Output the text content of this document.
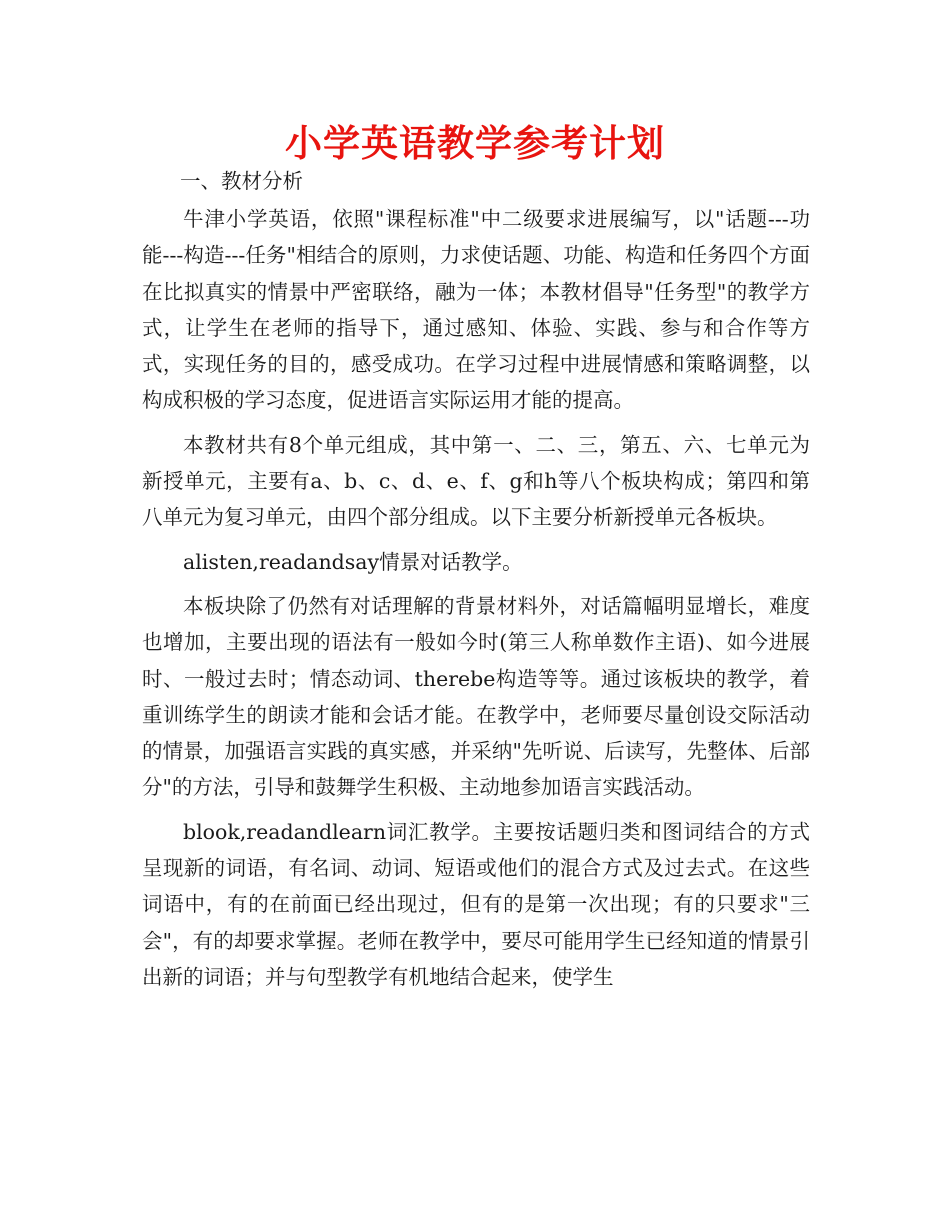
小学英语教学参考计划
一、教材分析

牛津小学英语，依照"课程标准"中二级要求进展编写，以"话题---功能---构造---任务"相结合的原则，力求使话题、功能、构造和任务四个方面在比拟真实的情景中严密联络，融为一体；本教材倡导"任务型"的教学方式，让学生在老师的指导下，通过感知、体验、实践、参与和合作等方式，实现任务的目的，感受成功。在学习过程中进展情感和策略调整，以构成积极的学习态度，促进语言实际运用才能的提高。

本教材共有8个单元组成，其中第一、二、三，第五、六、七单元为新授单元，主要有a、b、c、d、e、f、g和h等八个板块构成；第四和第八单元为复习单元，由四个部分组成。以下主要分析新授单元各板块。

alisten,readandsay情景对话教学。

本板块除了仍然有对话理解的背景材料外，对话篇幅明显增长，难度也增加，主要出现的语法有一般如今时(第三人称单数作主语)、如今进展时、一般过去时；情态动词、therebe构造等等。通过该板块的教学，着重训练学生的朗读才能和会话才能。在教学中，老师要尽量创设交际活动的情景，加强语言实践的真实感，并采纳"先听说、后读写，先整体、后部分"的方法，引导和鼓舞学生积极、主动地参加语言实践活动。

blook,readandlearn词汇教学。主要按话题归类和图词结合的方式呈现新的词语，有名词、动词、短语或他们的混合方式及过去式。在这些词语中，有的在前面已经出现过，但有的是第一次出现；有的只要求"三会"，有的却要求掌握。老师在教学中，要尽可能用学生已经知道的情景引出新的词语；并与句型教学有机地结合起来，使学生
